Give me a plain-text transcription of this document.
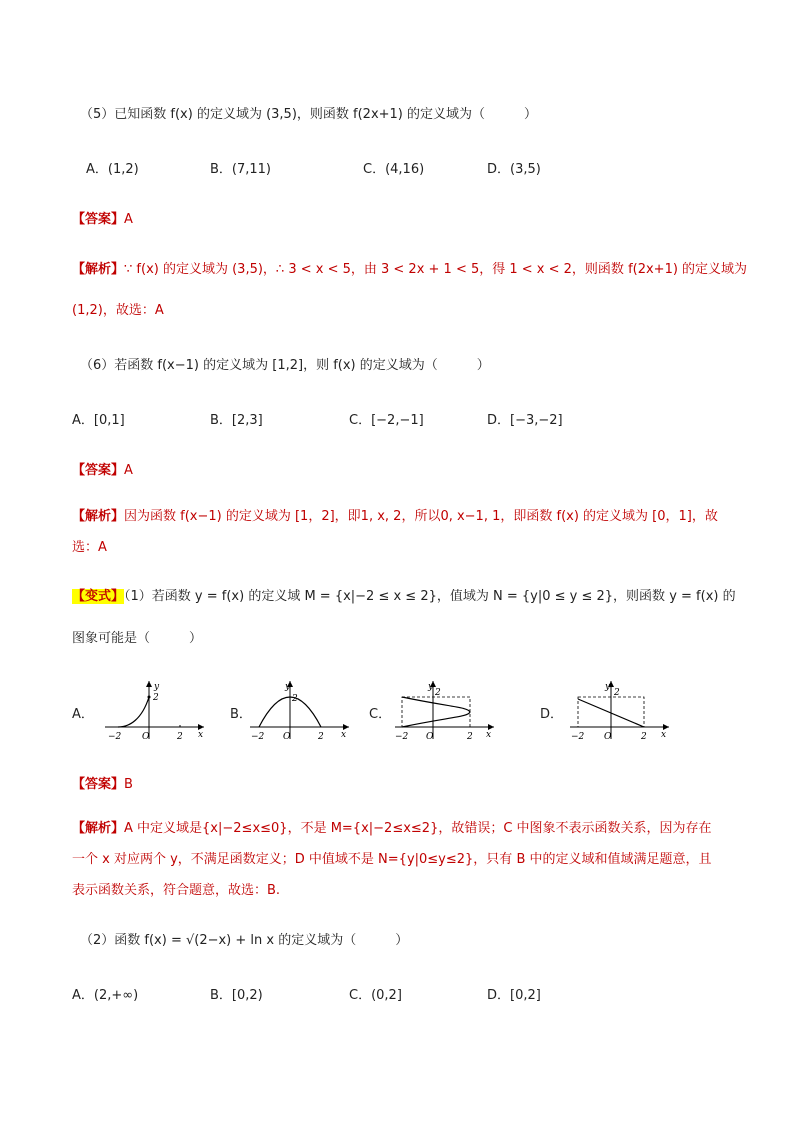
（5）已知函数 f(x) 的定义域为 (3,5)，则函数 f(2x+1) 的定义域为（　　　）
A．(1,2)	B．(7,11)	C．(4,16)	D．(3,5)
【答案】A
【解析】∵ f(x) 的定义域为 (3,5)，∴ 3 < x < 5，由 3 < 2x + 1 < 5，得 1 < x < 2，则函数 f(2x+1) 的定义域为
(1,2)，故选：A
（6）若函数 f(x−1) 的定义域为 [1,2]，则 f(x) 的定义域为（　　　）
A．[0,1]	B．[2,3]	C．[−2,−1]	D．[−3,−2]
【答案】A
【解析】因为函数 f(x−1) 的定义域为 [1，2]，即1, x, 2，所以0, x−1, 1，即函数 f(x) 的定义域为 [0，1]，故
选：A
【变式】（1）若函数 y = f(x) 的定义域 M = {x|−2 ≤ x ≤ 2}，值域为 N = {y|0 ≤ y ≤ 2}，则函数 y = f(x) 的
图象可能是（　　　）
A．	B．	C．	D．
y
2
−2 O	2 x
y
2
−2 O	2 x
y
2
−2 O	2 x
y
2
−2 O	2 x
【答案】B
【解析】A 中定义域是{x|−2≤x≤0}，不是 M={x|−2≤x≤2}，故错误；C 中图象不表示函数关系，因为存在
一个 x 对应两个 y，不满足函数定义；D 中值域不是 N={y|0≤y≤2}，只有 B 中的定义域和值域满足题意，且
表示函数关系，符合题意，故选：B.
（2）函数 f(x) = √(2−x) + ln x 的定义域为（　　　）
A．(2,+∞)	B．[0,2)	C．(0,2]	D．[0,2]
